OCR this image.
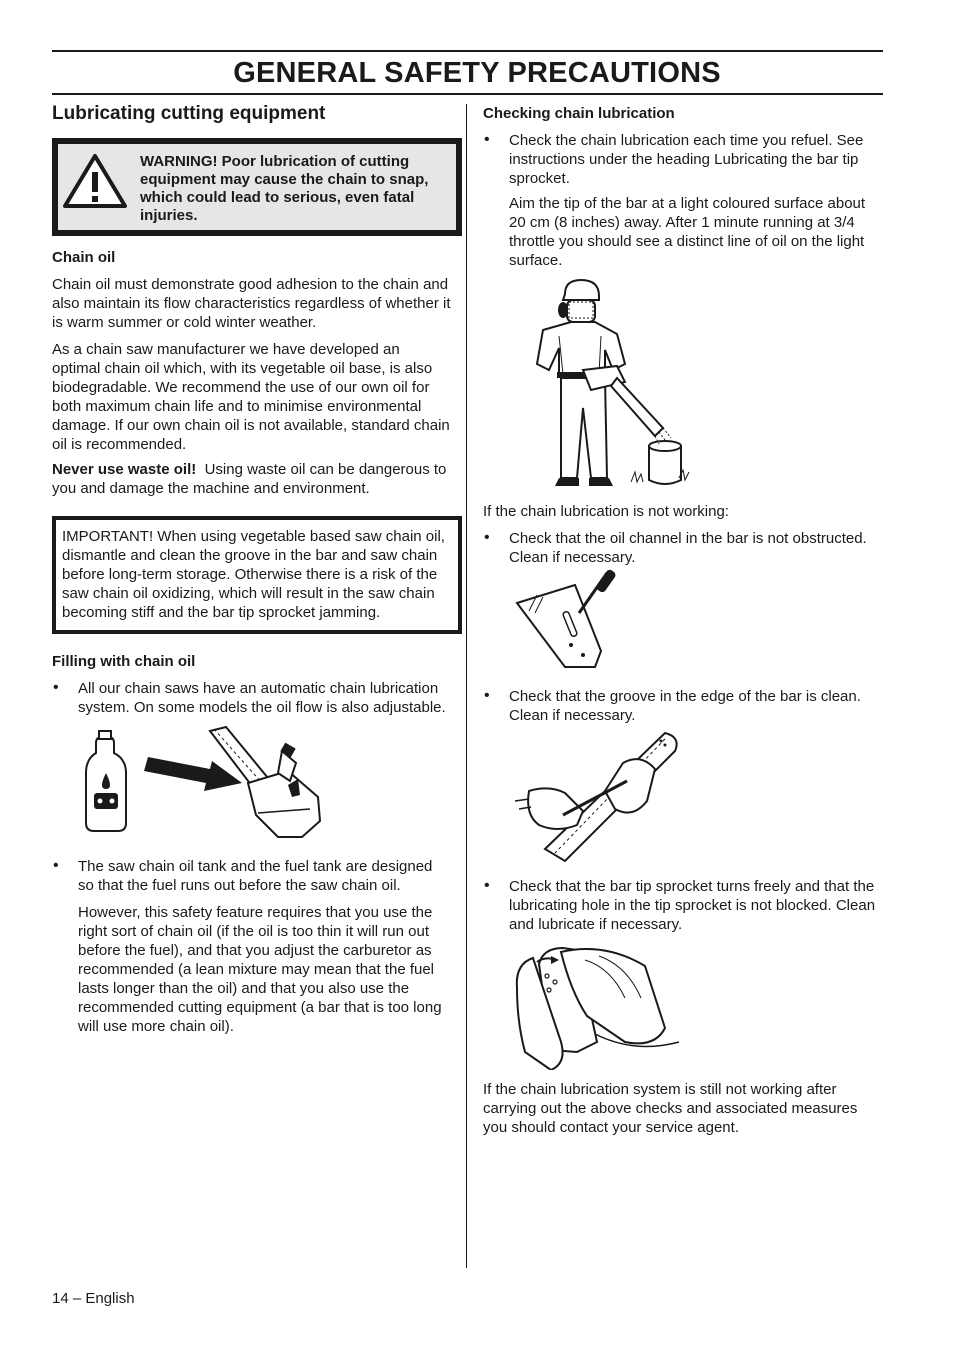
GENERAL SAFETY PRECAUTIONS
Lubricating cutting equipment
WARNING! Poor lubrication of cutting equipment may cause the chain to snap, which could lead to serious, even fatal injuries.
Chain oil

Chain oil must demonstrate good adhesion to the chain and also maintain its flow characteristics regardless of whether it is warm summer or cold winter weather.

As a chain saw manufacturer we have developed an optimal chain oil which, with its vegetable oil base, is also biodegradable. We recommend the use of our own oil for both maximum chain life and to minimise environmental damage. If our own chain oil is not available, standard chain oil is recommended.

Never use waste oil! Using waste oil can be dangerous to you and damage the machine and environment.

IMPORTANT! When using vegetable based saw chain oil, dismantle and clean the groove in the bar and saw chain before long-term storage. Otherwise there is a risk of the saw chain oil oxidizing, which will result in the saw chain becoming stiff and the bar tip sprocket jamming.
Filling with chain oil
• All our chain saws have an automatic chain lubrication system. On some models the oil flow is also adjustable.

• The saw chain oil tank and the fuel tank are designed so that the fuel runs out before the saw chain oil.

However, this safety feature requires that you use the right sort of chain oil (if the oil is too thin it will run out before the fuel), and that you adjust the carburetor as recommended (a lean mixture may mean that the fuel lasts longer than the oil) and that you also use the recommended cutting equipment (a bar that is too long will use more chain oil).

Checking chain lubrication
• Check the chain lubrication each time you refuel. See instructions under the heading Lubricating the bar tip sprocket.

Aim the tip of the bar at a light coloured surface about 20 cm (8 inches) away. After 1 minute running at 3/4 throttle you should see a distinct line of oil on the light surface.

If the chain lubrication is not working:

• Check that the oil channel in the bar is not obstructed. Clean if necessary.

• Check that the groove in the edge of the bar is clean. Clean if necessary.

• Check that the bar tip sprocket turns freely and that the lubricating hole in the tip sprocket is not blocked. Clean and lubricate if necessary.

If the chain lubrication system is still not working after carrying out the above checks and associated measures you should contact your service agent.

14 – English
